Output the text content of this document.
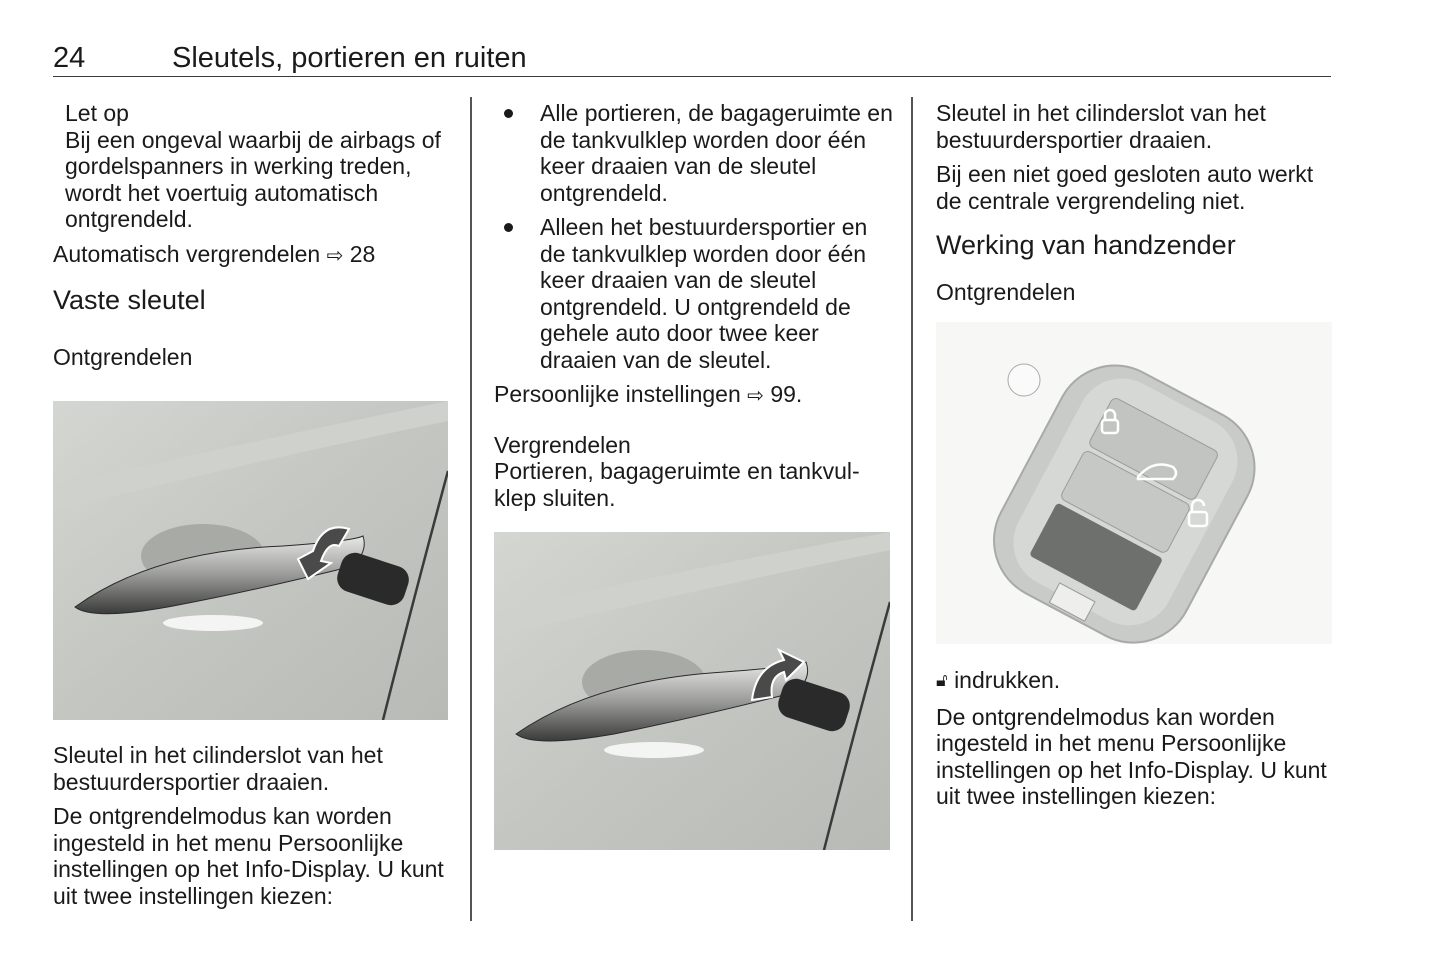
24	Sleutels, portieren en ruiten

Let op

Bij een ongeval waarbij de airbags of gordelspanners in werking treden, wordt het voertuig automatisch ontgrendeld.

Automatisch vergrendelen ⇨ 28

Vaste sleutel

Ontgrendelen

Sleutel in het cilinderslot van het bestuurdersportier draaien.

De ontgrendelmodus kan worden ingesteld in het menu Persoonlijke instellingen op het Info-Display. U kunt uit twee instellingen kiezen:

Alle portieren, de bagageruimte en de tankvulklep worden door één keer draaien van de sleutel ontgrendeld.
Alleen het bestuurdersportier en de tankvulklep worden door één keer draaien van de sleutel ontgrendeld. U ontgrendeld de gehele auto door twee keer draaien van de sleutel.

Persoonlijke instellingen ⇨ 99.

Vergrendelen

Portieren, bagageruimte en tankvul-klep sluiten.

Sleutel in het cilinderslot van het bestuurdersportier draaien.

Bij een niet goed gesloten auto werkt de centrale vergrendeling niet.

Werking van handzender

Ontgrendelen

🔓︎ indrukken.

De ontgrendelmodus kan worden ingesteld in het menu Persoonlijke instellingen op het Info-Display. U kunt uit twee instellingen kiezen:
